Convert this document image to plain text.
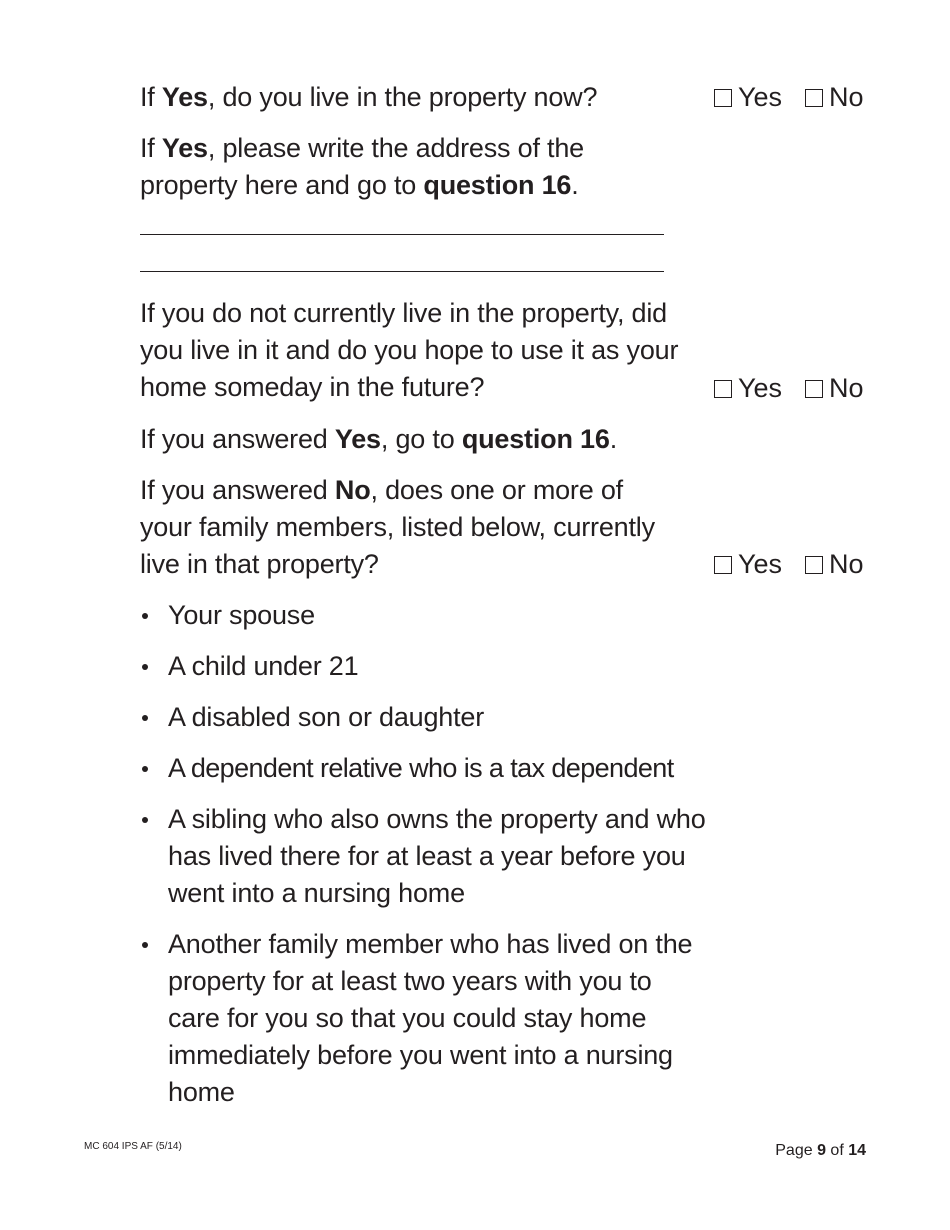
If Yes, do you live in the property now?	Yes No
If Yes, please write the address of the property here and go to question 16.
If you do not currently live in the property, did you live in it and do you hope to use it as your home someday in the future?	Yes No
If you answered Yes, go to question 16.
If you answered No, does one or more of your family members, listed below, currently live in that property?	Yes No
Your spouse
A child under 21
A disabled son or daughter
A dependent relative who is a tax dependent
A sibling who also owns the property and who has lived there for at least a year before you went into a nursing home
Another family member who has lived on the property for at least two years with you to care for you so that you could stay home immediately before you went into a nursing home
MC 604 IPS AF (5/14)	Page 9 of 14
